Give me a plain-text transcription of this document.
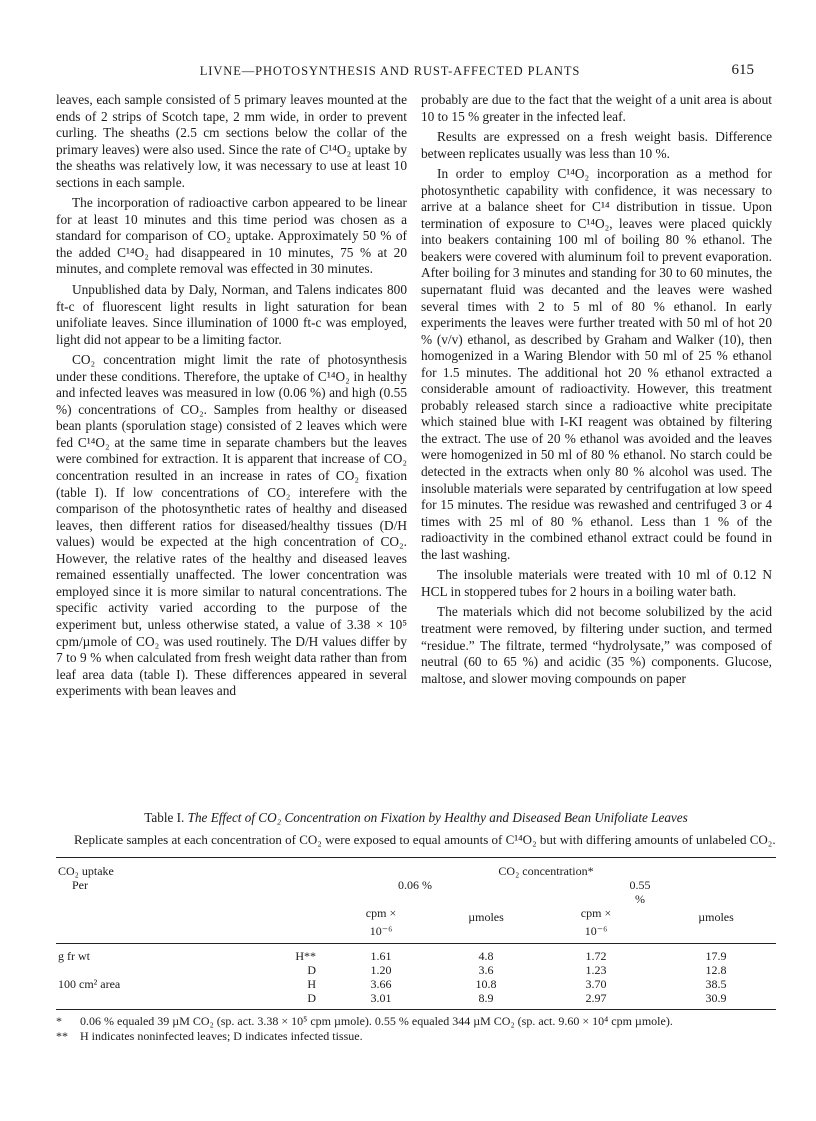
LIVNE—PHOTOSYNTHESIS AND RUST-AFFECTED PLANTS	615

leaves, each sample consisted of 5 primary leaves mounted at the ends of 2 strips of Scotch tape, 2 mm wide, in order to prevent curling. The sheaths (2.5 cm sections below the collar of the primary leaves) were also used. Since the rate of C¹⁴O₂ uptake by the sheaths was relatively low, it was necessary to use at least 10 sections in each sample.

The incorporation of radioactive carbon appeared to be linear for at least 10 minutes and this time period was chosen as a standard for comparison of CO₂ uptake. Approximately 50 % of the added C¹⁴O₂ had disappeared in 10 minutes, 75 % at 20 minutes, and complete removal was effected in 30 minutes.

Unpublished data by Daly, Norman, and Talens indicates 800 ft-c of fluorescent light results in light saturation for bean unifoliate leaves. Since illumination of 1000 ft-c was employed, light did not appear to be a limiting factor.

CO₂ concentration might limit the rate of photosynthesis under these conditions. Therefore, the uptake of C¹⁴O₂ in healthy and infected leaves was measured in low (0.06 %) and high (0.55 %) concentrations of CO₂. Samples from healthy or diseased bean plants (sporulation stage) consisted of 2 leaves which were fed C¹⁴O₂ at the same time in separate chambers but the leaves were combined for extraction. It is apparent that increase of CO₂ concentration resulted in an increase in rates of CO₂ fixation (table I). If low concentrations of CO₂ interefere with the comparison of the photosynthetic rates of healthy and diseased leaves, then different ratios for diseased/healthy tissues (D/H values) would be expected at the high concentration of CO₂. However, the relative rates of the healthy and diseased leaves remained essentially unaffected. The lower concentration was employed since it is more similar to natural concentrations. The specific activity varied according to the purpose of the experiment but, unless otherwise stated, a value of 3.38 × 10⁵ cpm/µmole of CO₂ was used routinely. The D/H values differ by 7 to 9 % when calculated from fresh weight data rather than from leaf area data (table I). These differences appeared in several experiments with bean leaves and

probably are due to the fact that the weight of a unit area is about 10 to 15 % greater in the infected leaf.

Results are expressed on a fresh weight basis. Difference between replicates usually was less than 10 %.

In order to employ C¹⁴O₂ incorporation as a method for photosynthetic capability with confidence, it was necessary to arrive at a balance sheet for C¹⁴ distribution in tissue. Upon termination of exposure to C¹⁴O₂, leaves were placed quickly into beakers containing 100 ml of boiling 80 % ethanol. The beakers were covered with aluminum foil to prevent evaporation. After boiling for 3 minutes and standing for 30 to 60 minutes, the supernatant fluid was decanted and the leaves were washed several times with 2 to 5 ml of 80 % ethanol. In early experiments the leaves were further treated with 50 ml of hot 20 % (v/v) ethanol, as described by Graham and Walker (10), then homogenized in a Waring Blendor with 50 ml of 25 % ethanol for 1.5 minutes. The additional hot 20 % ethanol extracted a considerable amount of radioactivity. However, this treatment probably released starch since a radioactive white precipitate which stained blue with I-KI reagent was obtained by filtering the extract. The use of 20 % ethanol was avoided and the leaves were homogenized in 50 ml of 80 % ethanol. No starch could be detected in the extracts when only 80 % alcohol was used. The insoluble materials were separated by centrifugation at low speed for 15 minutes. The residue was rewashed and centrifuged 3 or 4 times with 25 ml of 80 % ethanol. Less than 1 % of the radioactivity in the combined ethanol extract could be found in the last washing.

The insoluble materials were treated with 10 ml of 0.12 N HCL in stoppered tubes for 2 hours in a boiling water bath.

The materials which did not become solubilized by the acid treatment were removed, by filtering under suction, and termed “residue.” The filtrate, termed “hydrolysate,” was composed of neutral (60 to 65 %) and acidic (35 %) components. Glucose, maltose, and slower moving compounds on paper

Table I. The Effect of CO₂ Concentration on Fixation by Healthy and Diseased Bean Unifoliate Leaves
Replicate samples at each concentration of CO₂ were exposed to equal amounts of C¹⁴O₂ but with differing amounts of unlabeled CO₂.
CO₂ uptake			CO₂ concentration*		
Per		0.06 %		0.55 %	
		cpm ×	µmoles	cpm ×	µmoles
		10⁻⁶		10⁻⁶	
g fr wt	H**	1.61	4.8	1.72	17.9
	D	1.20	3.6	1.23	12.8
100 cm² area	H	3.66	10.8	3.70	38.5
	D	3.01	8.9	2.97	30.9
* 0.06 % equaled 39 µM CO₂ (sp. act. 3.38 × 10⁵ cpm µmole). 0.55 % equaled 344 µM CO₂ (sp. act. 9.60 × 10⁴ cpm µmole).
** H indicates noninfected leaves; D indicates infected tissue.
